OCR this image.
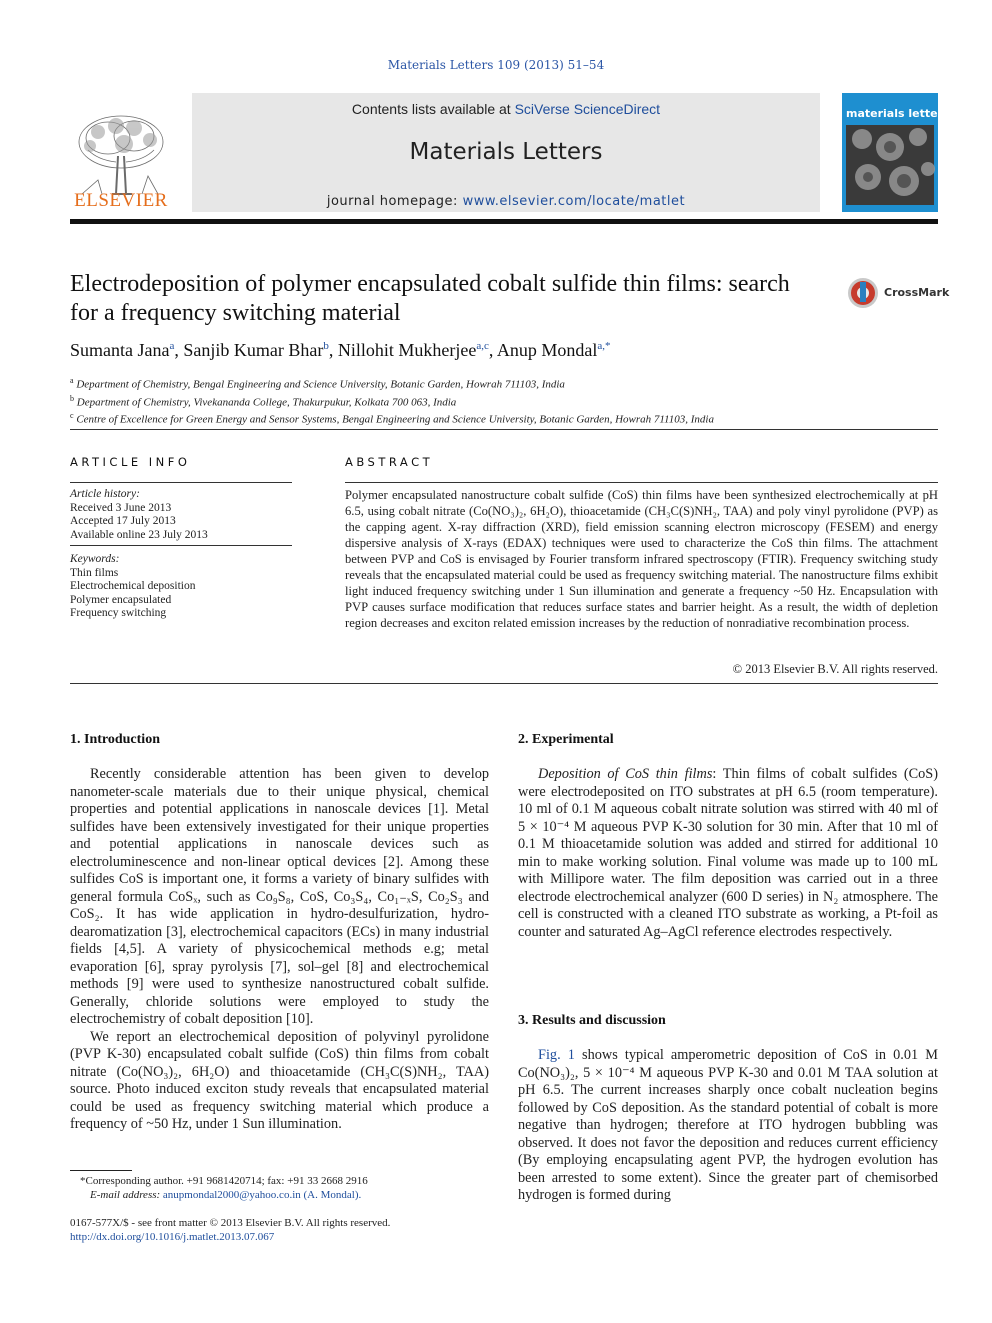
Materials Letters 109 (2013) 51–54
ELSEVIER
Contents lists available at SciVerse ScienceDirect
Materials Letters
journal homepage: www.elsevier.com/locate/matlet
materials letters
Electrodeposition of polymer encapsulated cobalt sulfide thin films: search for a frequency switching material
CrossMark
Sumanta Jana$^a$, Sanjib Kumar Bhar$^b$, Nillohit Mukherjee$^{a,c}$, Anup Mondal$^{a,*}$
$^a$ Department of Chemistry, Bengal Engineering and Science University, Botanic Garden, Howrah 711103, India
$^b$ Department of Chemistry, Vivekananda College, Thakurpukur, Kolkata 700 063, India
$^c$ Centre of Excellence for Green Energy and Sensor Systems, Bengal Engineering and Science University, Botanic Garden, Howrah 711103, India
ARTICLE INFO	ABSTRACT
Article history:
Received 3 June 2013
Accepted 17 July 2013
Available online 23 July 2013
Keywords:
Thin films
Electrochemical deposition
Polymer encapsulated
Frequency switching
Polymer encapsulated nanostructure cobalt sulfide (CoS) thin films have been synthesized electrochemically at pH 6.5, using cobalt nitrate (Co(NO₃)₂, 6H₂O), thioacetamide (CH₃C(S)NH₂, TAA) and poly vinyl pyrolidone (PVP) as the capping agent. X-ray diffraction (XRD), field emission scanning electron microscopy (FESEM) and energy dispersive analysis of X-rays (EDAX) techniques were used to characterize the CoS thin films. The attachment between PVP and CoS is envisaged by Fourier transform infrared spectroscopy (FTIR). Frequency switching study reveals that the encapsulated material could be used as frequency switching material. The nanostructure films exhibit light induced frequency switching under 1 Sun illumination and generate a frequency ~50 Hz. Encapsulation with PVP causes surface modification that reduces surface states and barrier height. As a result, the width of depletion region decreases and exciton related emission increases by the reduction of nonradiative recombination process.
© 2013 Elsevier B.V. All rights reserved.
1. Introduction

Recently considerable attention has been given to develop nanometer-scale materials due to their unique physical, chemical properties and potential applications in nanoscale devices [1]. Metal sulfides have been extensively investigated for their unique properties and potential applications in nanoscale devices such as electroluminescence and non-linear optical devices [2]. Among these sulfides CoS is important one, it forms a variety of binary sulfides with general formula CoSₓ, such as Co₉S₈, CoS, Co₃S₄, Co₁₋ₓS, Co₂S₃ and CoS₂. It has wide application in hydro-desulfurization, hydro-dearomatization [3], electrochemical capacitors (ECs) in many industrial fields [4,5]. A variety of physicochemical methods e.g; metal evaporation [6], spray pyrolysis [7], sol–gel [8] and electrochemical methods [9] were used to synthesize nanostructured cobalt sulfide. Generally, chloride solutions were employed to study the electrochemistry of cobalt deposition [10].

We report an electrochemical deposition of polyvinyl pyrolidone (PVP K-30) encapsulated cobalt sulfide (CoS) thin films from cobalt nitrate (Co(NO₃)₂, 6H₂O) and thioacetamide (CH₃C(S)NH₂, TAA) source. Photo induced exciton study reveals that encapsulated material could be used as frequency switching material which produce a frequency of ~50 Hz, under 1 Sun illumination.

2. Experimental

Deposition of CoS thin films: Thin films of cobalt sulfides (CoS) were electrodeposited on ITO substrates at pH 6.5 (room temperature). 10 ml of 0.1 M aqueous cobalt nitrate solution was stirred with 40 ml of 5 × 10⁻⁴ M aqueous PVP K-30 solution for 30 min. After that 10 ml of 0.1 M thioacetamide solution was added and stirred for additional 10 min to make working solution. Final volume was made up to 100 mL with Millipore water. The film deposition was carried out in a three electrode electrochemical analyzer (600 D series) in N₂ atmosphere. The cell is constructed with a cleaned ITO substrate as working, a Pt-foil as counter and saturated Ag–AgCl reference electrodes respectively.

3. Results and discussion

Fig. 1 shows typical amperometric deposition of CoS in 0.01 M Co(NO₃)₂, 5 × 10⁻⁴ M aqueous PVP K-30 and 0.01 M TAA solution at pH 6.5. The current increases sharply once cobalt nucleation begins followed by CoS deposition. As the standard potential of cobalt is more negative than hydrogen; therefore at ITO hydrogen bubbling was observed. It does not favor the deposition and reduces current efficiency (By employing encapsulating agent PVP, the hydrogen evolution has been arrested to some extent). Since the greater part of chemisorbed hydrogen is formed during

*Corresponding author. +91 9681420714; fax: +91 33 2668 2916
E-mail address: anupmondal2000@yahoo.co.in (A. Mondal).
0167-577X/$ - see front matter © 2013 Elsevier B.V. All rights reserved.
http://dx.doi.org/10.1016/j.matlet.2013.07.067
